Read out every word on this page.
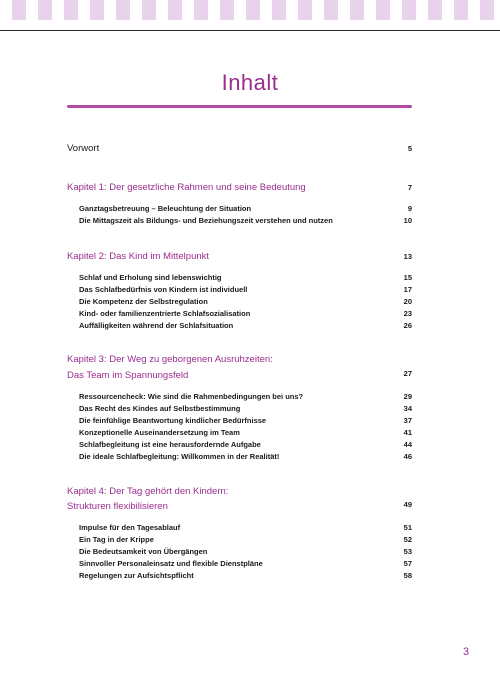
Inhalt
Vorwort	5
Kapitel 1: Der gesetzliche Rahmen und seine Bedeutung	7
Ganztagsbetreuung – Beleuchtung der Situation	9
Die Mittagszeit als Bildungs- und Beziehungszeit verstehen und nutzen	10
Kapitel 2: Das Kind im Mittelpunkt	13
Schlaf und Erholung sind lebenswichtig	15
Das Schlafbedürfnis von Kindern ist individuell	17
Die Kompetenz der Selbstregulation	20
Kind- oder familienzentrierte Schlafsozialisation	23
Auffälligkeiten während der Schlafsituation	26
Kapitel 3: Der Weg zu geborgenen Ausruhzeiten:
Das Team im Spannungsfeld	27
Ressourcencheck: Wie sind die Rahmenbedingungen bei uns?	29
Das Recht des Kindes auf Selbstbestimmung	34
Die feinfühlige Beantwortung kindlicher Bedürfnisse	37
Konzeptionelle Auseinandersetzung im Team	41
Schlafbegleitung ist eine herausfordernde Aufgabe	44
Die ideale Schlafbegleitung: Willkommen in der Realität!	46
Kapitel 4: Der Tag gehört den Kindern:
Strukturen flexibilisieren	49
Impulse für den Tagesablauf	51
Ein Tag in der Krippe	52
Die Bedeutsamkeit von Übergängen	53
Sinnvoller Personaleinsatz und flexible Dienstpläne	57
Regelungen zur Aufsichtspflicht	58
3
